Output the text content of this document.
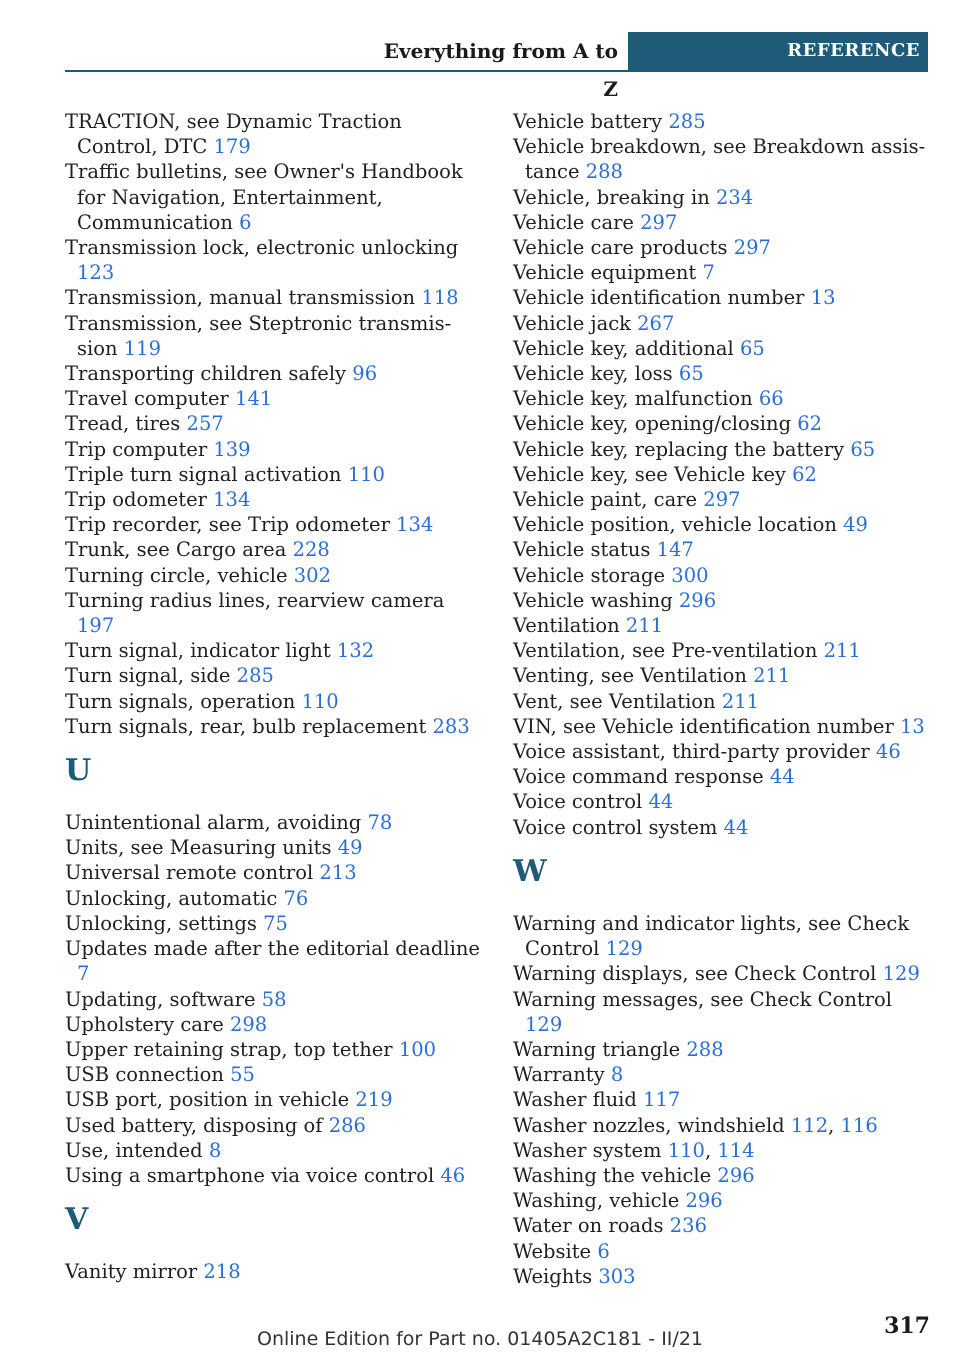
Everything from A to Z
REFERENCE

TRACTION, see Dynamic Traction Control, DTC 179

Traffic bulletins, see Owner's Handbook for Navigation, Entertainment, Communication 6

Transmission lock, electronic unlocking 123

Transmission, manual transmission 118

Transmission, see Steptronic transmission 119

Transporting children safely 96

Travel computer 141

Tread, tires 257

Trip computer 139

Triple turn signal activation 110

Trip odometer 134

Trip recorder, see Trip odometer 134

Trunk, see Cargo area 228

Turning circle, vehicle 302

Turning radius lines, rearview camera 197

Turn signal, indicator light 132

Turn signal, side 285

Turn signals, operation 110

Turn signals, rear, bulb replacement 283

U

Unintentional alarm, avoiding 78

Units, see Measuring units 49

Universal remote control 213

Unlocking, automatic 76

Unlocking, settings 75

Updates made after the editorial deadline 7

Updating, software 58

Upholstery care 298

Upper retaining strap, top tether 100

USB connection 55

USB port, position in vehicle 219

Used battery, disposing of 286

Use, intended 8

Using a smartphone via voice control 46

V

Vanity mirror 218

Vehicle battery 285

Vehicle breakdown, see Breakdown assistance 288

Vehicle, breaking in 234

Vehicle care 297

Vehicle care products 297

Vehicle equipment 7

Vehicle identification number 13

Vehicle jack 267

Vehicle key, additional 65

Vehicle key, loss 65

Vehicle key, malfunction 66

Vehicle key, opening/closing 62

Vehicle key, replacing the battery 65

Vehicle key, see Vehicle key 62

Vehicle paint, care 297

Vehicle position, vehicle location 49

Vehicle status 147

Vehicle storage 300

Vehicle washing 296

Ventilation 211

Ventilation, see Pre-ventilation 211

Venting, see Ventilation 211

Vent, see Ventilation 211

VIN, see Vehicle identification number 13

Voice assistant, third-party provider 46

Voice command response 44

Voice control 44

Voice control system 44

W

Warning and indicator lights, see Check Control 129

Warning displays, see Check Control 129

Warning messages, see Check Control 129

Warning triangle 288

Warranty 8

Washer fluid 117

Washer nozzles, windshield 112, 116

Washer system 110, 114

Washing the vehicle 296

Washing, vehicle 296

Water on roads 236

Website 6

Weights 303

317
Online Edition for Part no. 01405A2C181 - II/21
